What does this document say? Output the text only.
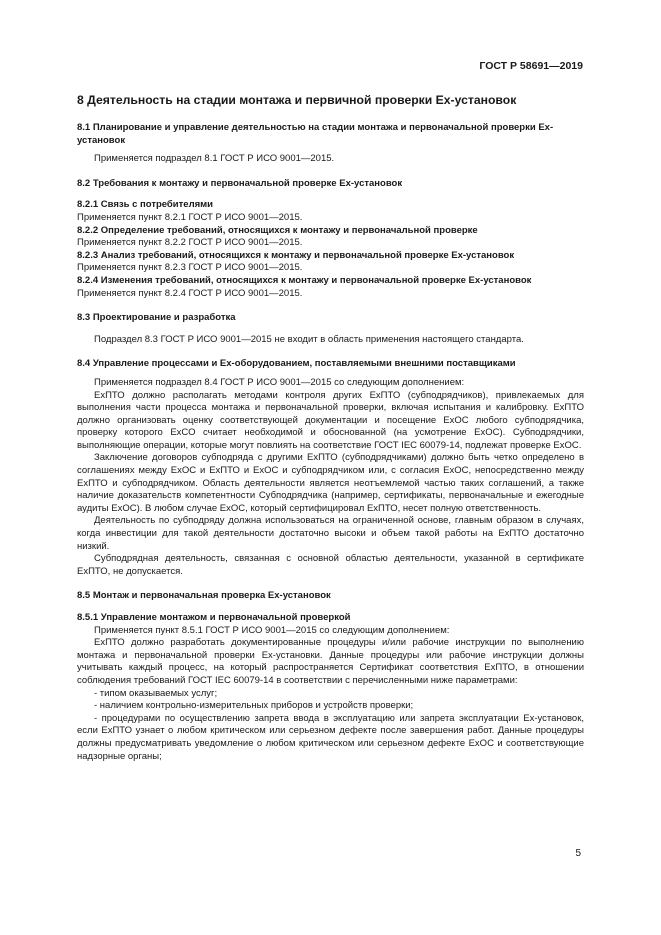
ГОСТ Р 58691—2019

8 Деятельность на стадии монтажа и первичной проверки Ех-установок

8.1 Планирование и управление деятельностью на стадии монтажа и первоначальной проверки Ех-установок

Применяется подраздел 8.1 ГОСТ Р ИСО 9001—2015.

8.2 Требования к монтажу и первоначальной проверке Ех-установок

8.2.1 Связь с потребителями

Применяется пункт 8.2.1 ГОСТ Р ИСО 9001—2015.

8.2.2 Определение требований, относящихся к монтажу и первоначальной проверке

Применяется пункт 8.2.2 ГОСТ Р ИСО 9001—2015.

8.2.3 Анализ требований, относящихся к монтажу и первоначальной проверке Ех-установок

Применяется пункт 8.2.3 ГОСТ Р ИСО 9001—2015.

8.2.4 Изменения требований, относящихся к монтажу и первоначальной проверке Ех-установок

Применяется пункт 8.2.4 ГОСТ Р ИСО 9001—2015.

8.3 Проектирование и разработка

Подраздел 8.3 ГОСТ Р ИСО 9001—2015 не входит в область применения настоящего стандарта.

8.4 Управление процессами и Ех-оборудованием, поставляемыми внешними поставщиками

Применяется подраздел 8.4 ГОСТ Р ИСО 9001—2015 со следующим дополнением:

ЕхПТО должно располагать методами контроля других ЕхПТО (субподрядчиков), привлекаемых для выполнения части процесса монтажа и первоначальной проверки, включая испытания и калибровку. ЕхПТО должно организовать оценку соответствующей документации и посещение ЕхОС любого субподрядчика, проверку которого ЕхСО считает необходимой и обоснованной (на усмотрение ЕхОС). Субподрядчики, выполняющие операции, которые могут повлиять на соответствие ГОСТ IEC 60079-14, подлежат проверке ЕхОС.

Заключение договоров субподряда с другими ЕхПТО (субподрядчиками) должно быть четко определено в соглашениях между ЕхОС и ЕхПТО и ЕхОС и субподрядчиком или, с согласия ЕхОС, непосредственно между ЕхПТО и субподрядчиком. Область деятельности является неотъемлемой частью таких соглашений, а также наличие доказательств компетентности Субподрядчика (например, сертификаты, первоначальные и ежегодные аудиты ЕхОС). В любом случае ЕхОС, который сертифицировал ЕхПТО, несет полную ответственность.

Деятельность по субподряду должна использоваться на ограниченной основе, главным образом в случаях, когда инвестиции для такой деятельности достаточно высоки и объем такой работы на ЕхПТО достаточно низкий.

Субподрядная деятельность, связанная с основной областью деятельности, указанной в сертификате ЕхПТО, не допускается.

8.5 Монтаж и первоначальная проверка Ех-установок

8.5.1 Управление монтажом и первоначальной проверкой

Применяется пункт 8.5.1 ГОСТ Р ИСО 9001—2015 со следующим дополнением:

ЕхПТО должно разработать документированные процедуры и/или рабочие инструкции по выполнению монтажа и первоначальной проверки Ех-установки. Данные процедуры или рабочие инструкции должны учитывать каждый процесс, на который распространяется Сертификат соответствия ЕхПТО, в отношении соблюдения требований ГОСТ IEC 60079-14 в соответствии с перечисленными ниже параметрами:

- типом оказываемых услуг;

- наличием контрольно-измерительных приборов и устройств проверки;

- процедурами по осуществлению запрета ввода в эксплуатацию или запрета эксплуатации Ех-установок, если ЕхПТО узнает о любом критическом или серьезном дефекте после завершения работ. Данные процедуры должны предусматривать уведомление о любом критическом или серьезном дефекте ЕхОС и соответствующие надзорные органы;

5
